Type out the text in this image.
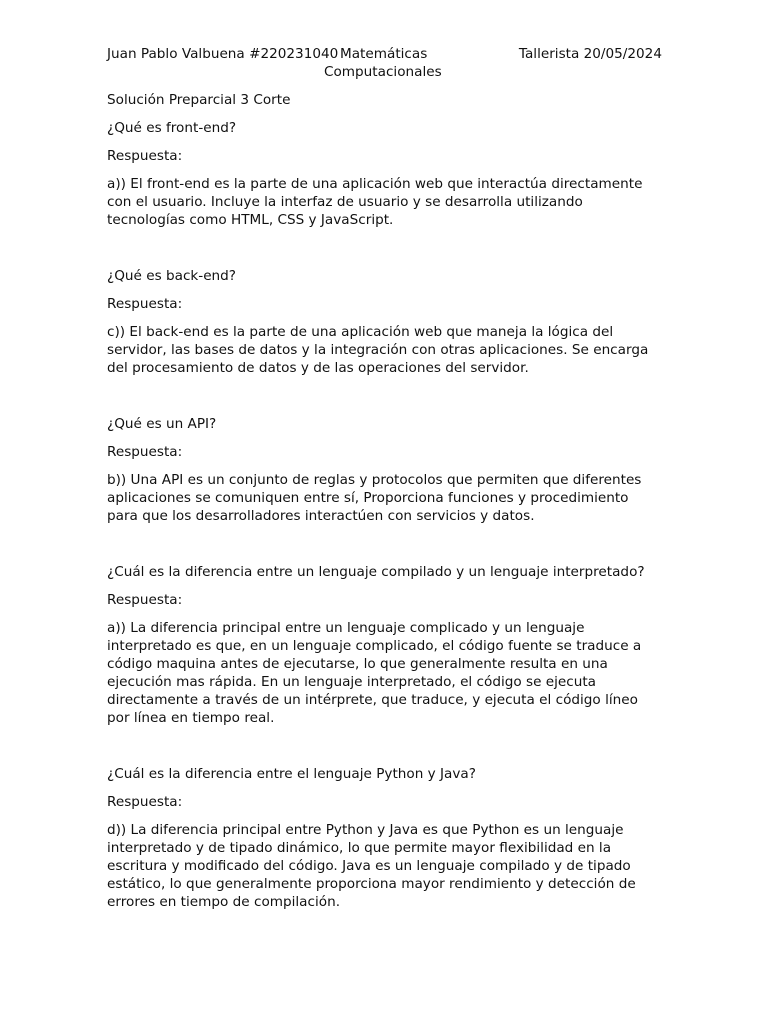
Juan Pablo Valbuena #220231040 Matemáticas
Computacionales
Tallerista 20/05/2024

Solución Preparcial 3 Corte

¿Qué es front-end?

Respuesta:

a)) El front-end es la parte de una aplicación web que interactúa directamente con el usuario. Incluye la interfaz de usuario y se desarrolla utilizando tecnologías como HTML, CSS y JavaScript.

¿Qué es back-end?

Respuesta:

c)) El back-end es la parte de una aplicación web que maneja la lógica del servidor, las bases de datos y la integración con otras aplicaciones. Se encarga del procesamiento de datos y de las operaciones del servidor.

¿Qué es un API?

Respuesta:

b)) Una API es un conjunto de reglas y protocolos que permiten que diferentes aplicaciones se comuniquen entre sí, Proporciona funciones y procedimiento para que los desarrolladores interactúen con servicios y datos.

¿Cuál es la diferencia entre un lenguaje compilado y un lenguaje interpretado?

Respuesta:

a)) La diferencia principal entre un lenguaje complicado y un lenguaje interpretado es que, en un lenguaje complicado, el código fuente se traduce a código maquina antes de ejecutarse, lo que generalmente resulta en una ejecución mas rápida. En un lenguaje interpretado, el código se ejecuta directamente a través de un intérprete, que traduce, y ejecuta el código líneo por línea en tiempo real.

¿Cuál es la diferencia entre el lenguaje Python y Java?

Respuesta:

d)) La diferencia principal entre Python y Java es que Python es un lenguaje interpretado y de tipado dinámico, lo que permite mayor flexibilidad en la escritura y modificado del código. Java es un lenguaje compilado y de tipado estático, lo que generalmente proporciona mayor rendimiento y detección de errores en tiempo de compilación.
